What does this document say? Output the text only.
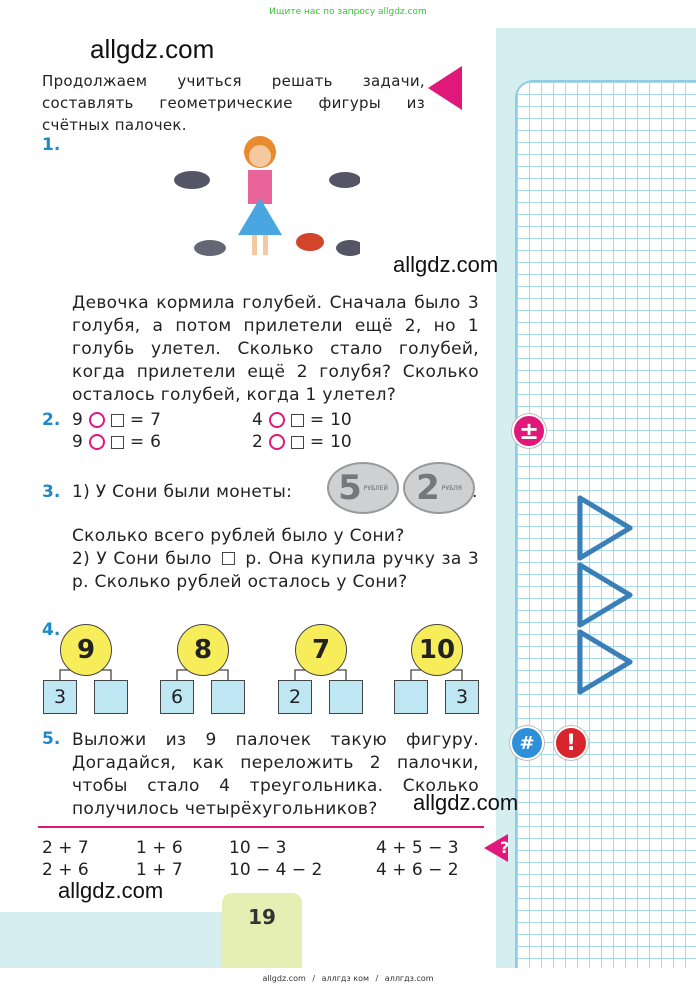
Ищите нас по запросу allgdz.com
19
allgdz.com
allgdz.com
allgdz.com
allgdz.com
Продолжаем учиться решать задачи, составлять геометрические фигуры из счётных палочек.
1.
Девочка кормила голубей. Сначала было 3 голубя, а потом прилетели ещё 2, но 1 голубь улетел. Сколько стало голубей, когда прилетели ещё 2 голубя? Сколько осталось голубей, когда 1 улетел?
2. 9	= 7	4	= 10
9	= 6	2	= 10	±
3. 1) У Сони были монеты: 5 РУБЛЕЙ 2 РУБЛЯ .
Сколько всего рублей было у Сони?
2) У Сони было р. Она купила ручку за 3 р. Сколько рублей осталось у Сони?
4.
9
3
8
6
7
2
10
3
5. Выложи из 9 палочек такую фигуру. Догадайся, как переложить 2 палочки, чтобы стало 4 треугольника. Сколько получилось четырёхугольников?
#	!
?
2 + 7	1 + 6	10 − 3	4 + 5 − 3
2 + 6	1 + 7	10 − 4 − 2	4 + 6 − 2
allgdz.com / аллгдз ком / аллгдз.com
